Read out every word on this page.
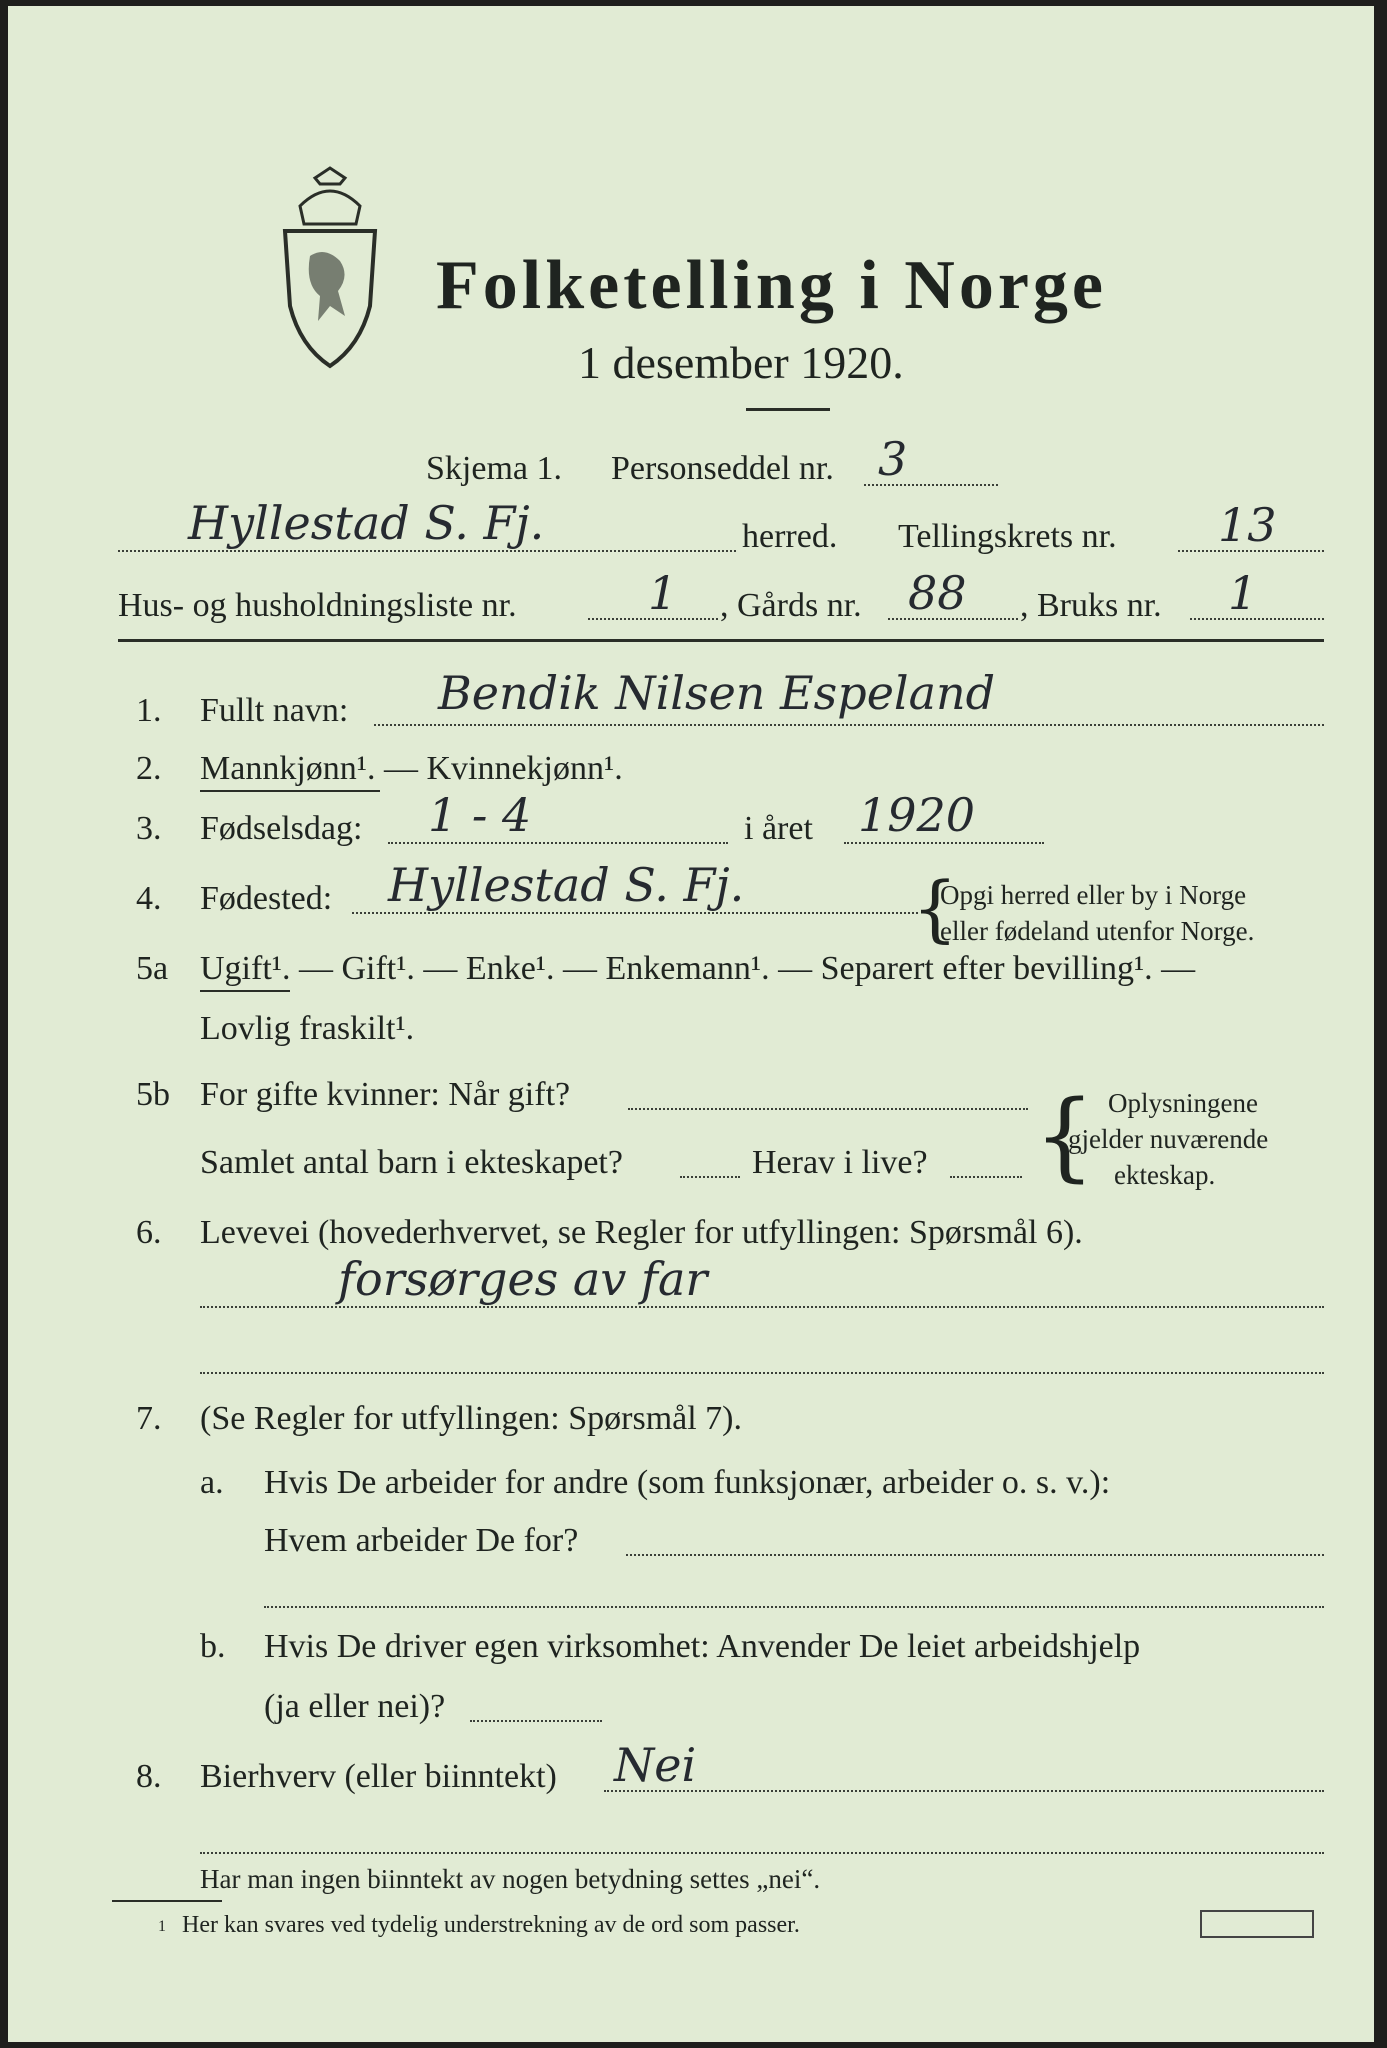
Folketelling i Norge
1 desember 1920.
Skjema 1. Personseddel nr. 3
Hyllestad S. Fj.	herred. Tellingskrets nr. 13
Hus- og husholdningsliste nr.	1 , Gårds nr. 88 , Bruks nr. 1
1. Fullt navn: Bendik Nilsen Espeland
2. Mannkjønn¹. — Kvinnekjønn¹.
3. Fødselsdag: 1 - 4	i året 1920
4. Fødested: Hyllestad S. Fj. {
Opgi herred eller by i Norge
eller fødeland utenfor Norge.
5a Ugift¹. — Gift¹. — Enke¹. — Enkemann¹. — Separert efter bevilling¹. —
Lovlig fraskilt¹.
5b For gifte kvinner: Når gift?
Samlet antal barn i ekteskapet?	Herav i live? { Oplysningene
gjelder nuværende
ekteskap.
6. Levevei (hovederhvervet, se Regler for utfyllingen: Spørsmål 6).
forsørges av far
7. (Se Regler for utfyllingen: Spørsmål 7).
a. Hvis De arbeider for andre (som funksjonær, arbeider o. s. v.):
Hvem arbeider De for?
b. Hvis De driver egen virksomhet: Anvender De leiet arbeidshjelp
(ja eller nei)?
8. Bierhverv (eller biinntekt) Nei
Har man ingen biinntekt av nogen betydning settes „nei“.
1 Her kan svares ved tydelig understrekning av de ord som passer.
